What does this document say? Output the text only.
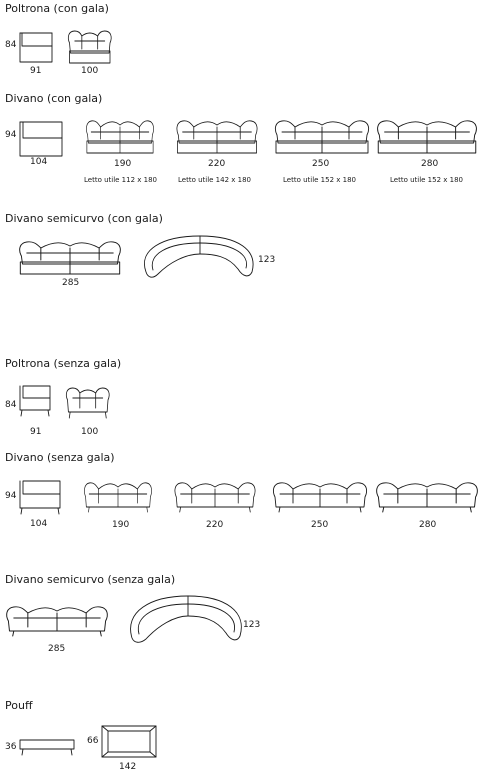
Poltrona (con gala)
Divano (con gala)
Divano semicurvo (con gala)
Poltrona (senza gala)
Divano (senza gala)
Divano semicurvo (senza gala)
Pouff
84
91	100
94
104	190	220	250	280
Letto utile 112 x 180	Letto utile 142 x 180	Letto utile 152 x 180	Letto utile 152 x 180
285
123
84
91	100
94
104	190	220	250	280
285
123
36
66
142
